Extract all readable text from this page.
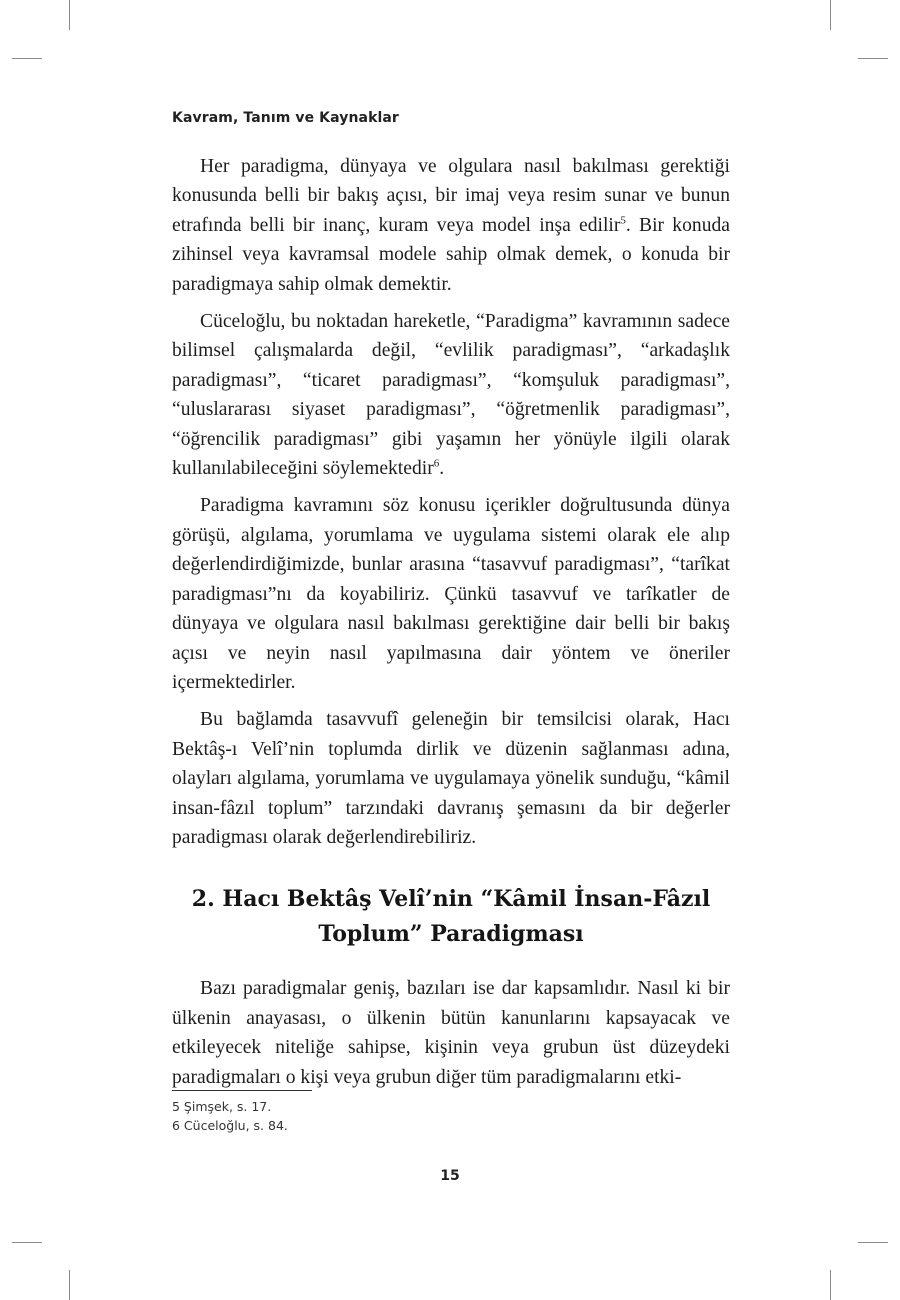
Kavram, Tanım ve Kaynaklar

Her paradigma, dünyaya ve olgulara nasıl bakılması gerektiği konusunda belli bir bakış açısı, bir imaj veya resim sunar ve bunun etrafında belli bir inanç, kuram veya model inşa edilir$^5$. Bir konuda zihinsel veya kavramsal modele sahip olmak demek, o konuda bir paradigmaya sahip olmak demektir.

Cüceloğlu, bu noktadan hareketle, “Paradigma” kavramının sadece bilimsel çalışmalarda değil, “evlilik paradigması”, “arkadaşlık paradigması”, “ticaret paradigması”, “komşuluk paradigması”, “uluslararası siyaset paradigması”, “öğretmenlik paradigması”, “öğrencilik paradigması” gibi yaşamın her yönüyle ilgili olarak kullanılabileceğini söylemektedir$^6$.

Paradigma kavramını söz konusu içerikler doğrultusunda dünya görüşü, algılama, yorumlama ve uygulama sistemi olarak ele alıp değerlendirdiğimizde, bunlar arasına “tasavvuf paradigması”, “tarîkat paradigması”nı da koyabiliriz. Çünkü tasavvuf ve tarîkatler de dünyaya ve olgulara nasıl bakılması gerektiğine dair belli bir bakış açısı ve neyin nasıl yapılmasına dair yöntem ve öneriler içermektedirler.

Bu bağlamda tasavvufî geleneğin bir temsilcisi olarak, Hacı Bektâş-ı Velî’nin toplumda dirlik ve düzenin sağlanması adına, olayları algılama, yorumlama ve uygulamaya yönelik sunduğu, “kâmil insan-fâzıl toplum” tarzındaki davranış şemasını da bir değerler paradigması olarak değerlendirebiliriz.

2. Hacı Bektâş Velî’nin “Kâmil İnsan-Fâzıl
Toplum” Paradigması

Bazı paradigmalar geniş, bazıları ise dar kapsamlıdır. Nasıl ki bir ülkenin anayasası, o ülkenin bütün kanunlarını kapsayacak ve etkileyecek niteliğe sahipse, kişinin veya grubun üst düzeydeki paradigmaları o kişi veya grubun diğer tüm paradigmalarını etki-

5 Şimşek, s. 17.
6 Cüceloğlu, s. 84.
15
